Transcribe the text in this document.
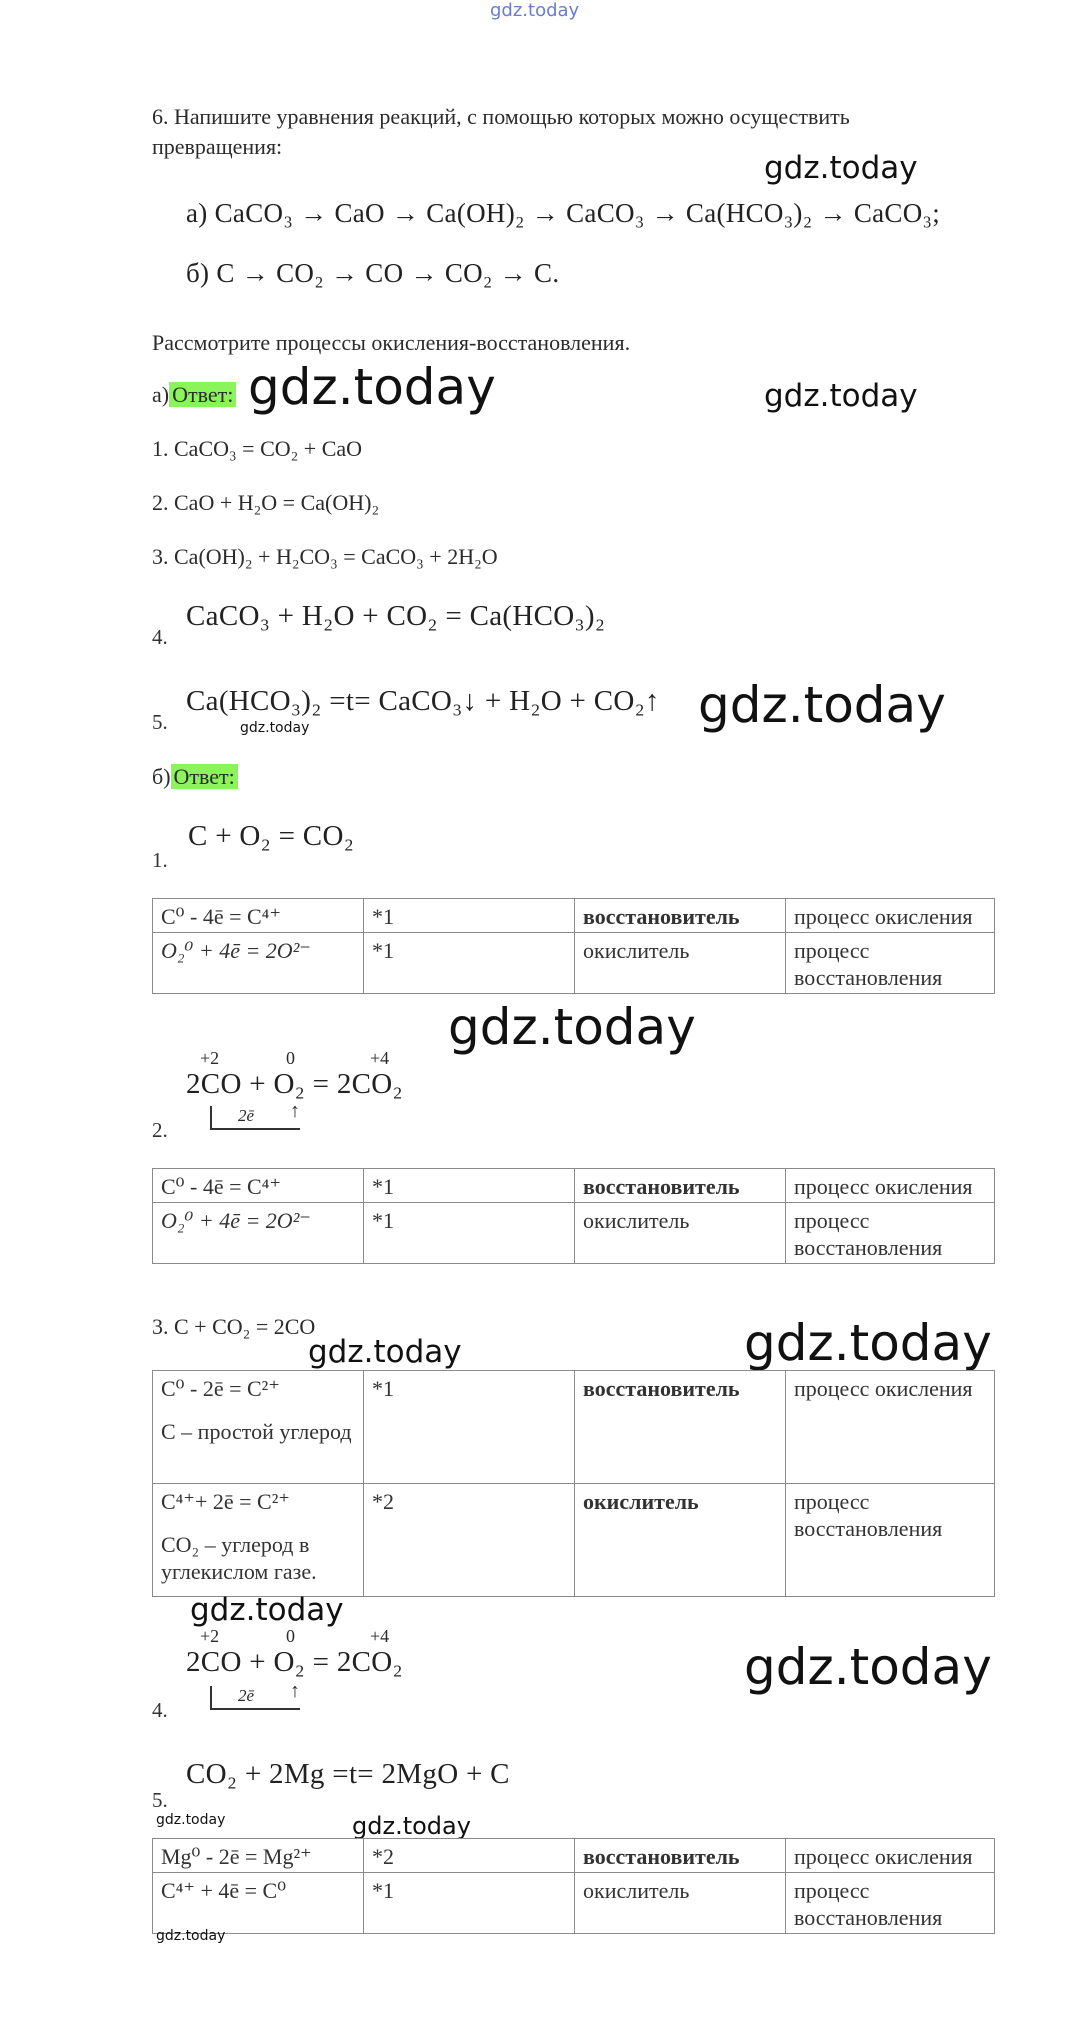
gdz.today
6. Напишите уравнения реакций, с помощью которых можно осуществить
превращения:
gdz.today
а) CaCO₃ → CaO → Ca(OH)₂ → CaCO₃ → Ca(HCO₃)₂ → CaCO₃;
б) C → CO₂ → CO → CO₂ → C.
Рассмотрите процессы окисления-восстановления.
а) Ответ: gdz.today	gdz.today
1. CaCO₃ = CO₂ + CaO
2. CaO + H₂O = Ca(OH)₂
3. Ca(OH)₂ + H₂CO₃ = CaCO₃ + 2H₂O
4.
CaCO₃ + H₂O + CO₂ = Ca(HCO₃)₂
5.
Ca(HCO₃)₂ =t= CaCO₃↓ + H₂O + CO₂↑ gdz.today
gdz.today
б) Ответ:
1.
C + O₂ = CO₂
C⁰ - 4ē = C⁴⁺	*1	восстановитель	процесс окисления
O₂⁰ + 4ē = 2O²⁻	*1	окислитель	процесс восстановления
gdz.today
+2	0	+4
2CO + O₂ = 2CO₂
2ē ↑
2.
C⁰ - 4ē = C⁴⁺	*1	восстановитель	процесс окисления
O₂⁰ + 4ē = 2O²⁻	*1	окислитель	процесс восстановления
3. C + CO₂ = 2CO
gdz.today	gdz.today
C⁰ - 2ē = C²⁺
C – простой углерод	*1	восстановитель	процесс окисления

C⁴⁺+ 2ē = C²⁺
CO₂ – углерод в углекислом газе.	*2	окислитель	процесс восстановления
gdz.today
+2	0	+4
2CO + O₂ = 2CO₂
2ē ↑
4.
gdz.today
CO₂ + 2Mg =t= 2MgO + C
5.
gdz.today	gdz.today
Mg⁰ - 2ē = Mg²⁺	*2	восстановитель	процесс окисления
C⁴⁺ + 4ē = C⁰	*1	окислитель	процесс восстановления
gdz.today
